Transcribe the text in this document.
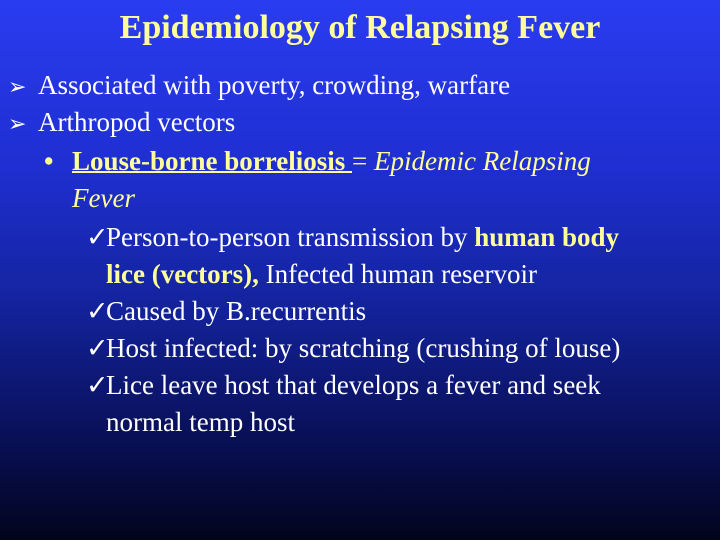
Epidemiology of Relapsing Fever
➢ Associated with poverty, crowding, warfare
➢ Arthropod vectors
• Louse-borne borreliosis = Epidemic Relapsing
Fever
✓Person-to-person transmission by human body
lice (vectors), Infected human reservoir
✓Caused by B.recurrentis
✓Host infected: by scratching (crushing of louse)
✓Lice leave host that develops a fever and seek
normal temp host
